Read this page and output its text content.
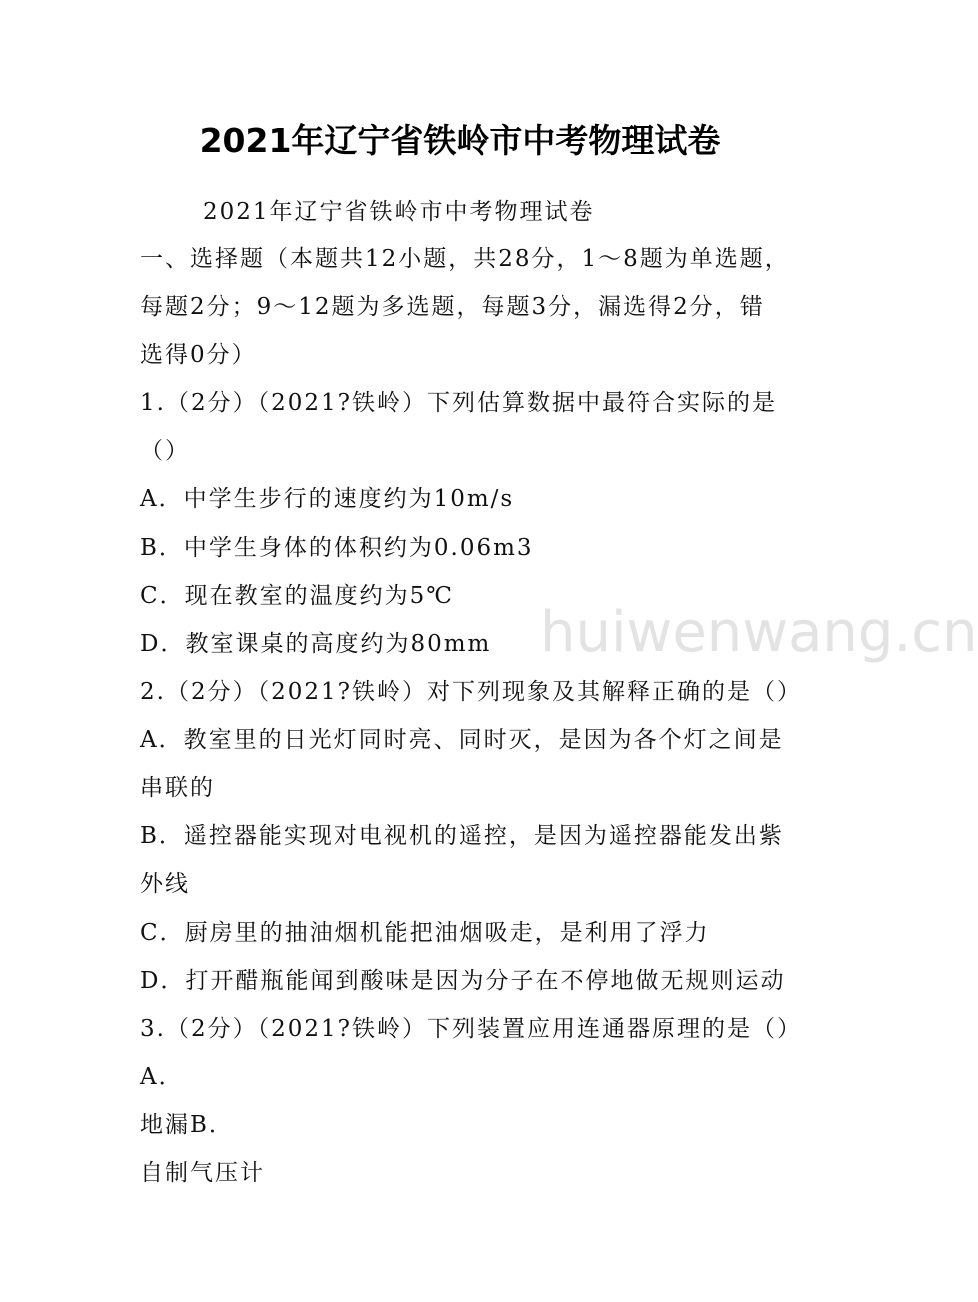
2021年辽宁省铁岭市中考物理试卷
2021年辽宁省铁岭市中考物理试卷
一、选择题（本题共12小题，共28分，1～8题为单选题，
每题2分；9～12题为多选题，每题3分，漏选得2分，错
选得0分）
1.（2分）（2021?铁岭）下列估算数据中最符合实际的是
（）
A．中学生步行的速度约为10m/s
B．中学生身体的体积约为0.06m3
C．现在教室的温度约为5℃
D．教室课桌的高度约为80mm
2.（2分）（2021?铁岭）对下列现象及其解释正确的是（）
A．教室里的日光灯同时亮、同时灭，是因为各个灯之间是
串联的
B．遥控器能实现对电视机的遥控，是因为遥控器能发出紫
外线
C．厨房里的抽油烟机能把油烟吸走，是利用了浮力
D．打开醋瓶能闻到酸味是因为分子在不停地做无规则运动
3.（2分）（2021?铁岭）下列装置应用连通器原理的是（）
A．
地漏B．
自制气压计
huiwenwang.cn
